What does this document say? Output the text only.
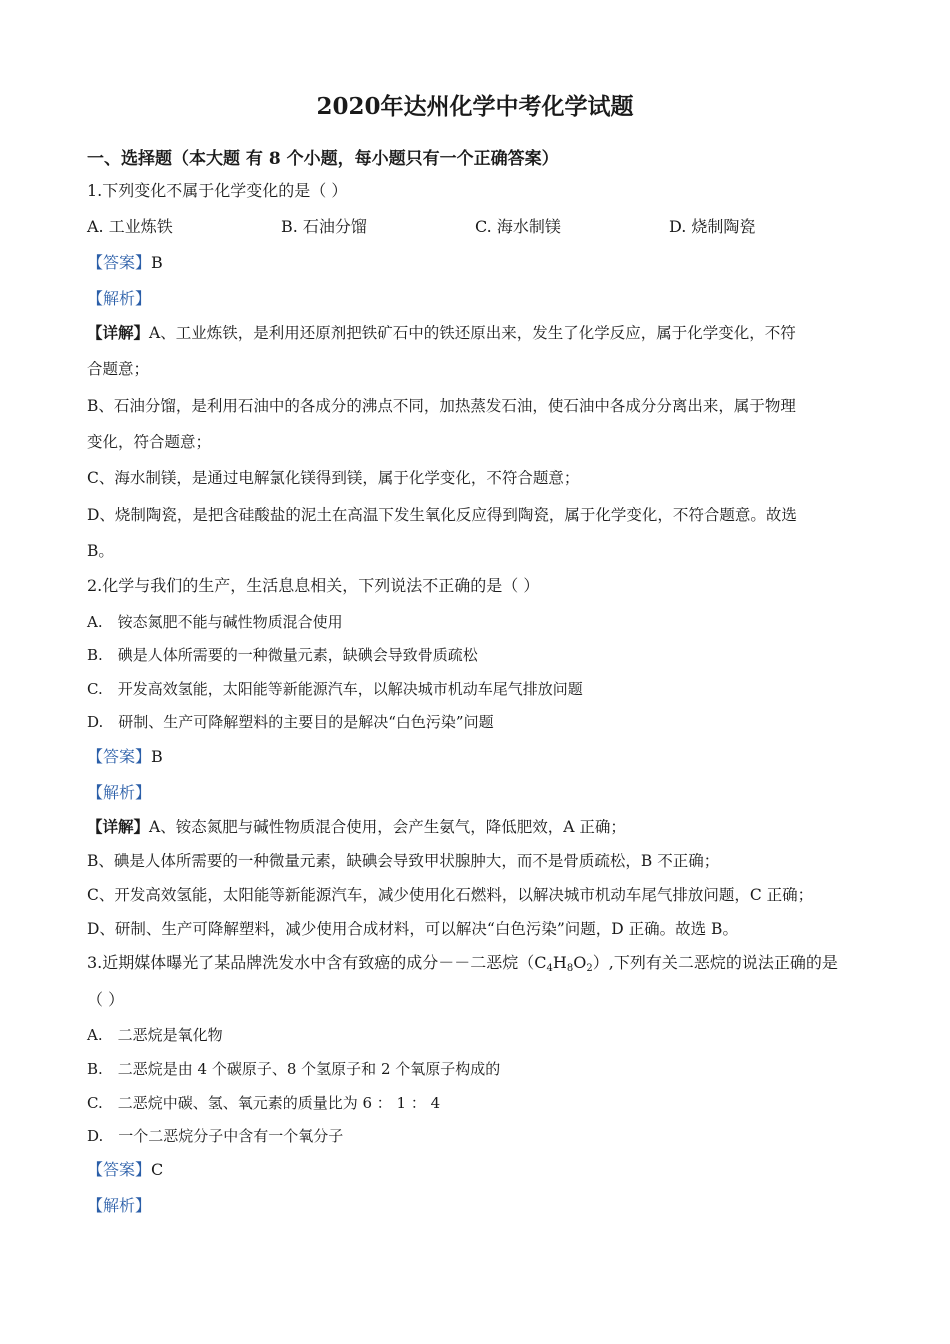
2020年达州化学中考化学试题
一、选择题（本大题 有 8 个小题，每小题只有一个正确答案）
1.下列变化不属于化学变化的是（ ）
A. 工业炼铁	B. 石油分馏	C. 海水制镁	D. 烧制陶瓷
【答案】B
【解析】
【详解】A、工业炼铁，是利用还原剂把铁矿石中的铁还原出来，发生了化学反应，属于化学变化，不符
合题意；
B、石油分馏，是利用石油中的各成分的沸点不同，加热蒸发石油，使石油中各成分分离出来，属于物理
变化，符合题意；
C、海水制镁，是通过电解氯化镁得到镁，属于化学变化，不符合题意；
D、烧制陶瓷，是把含硅酸盐的泥土在高温下发生氧化反应得到陶瓷，属于化学变化，不符合题意。故选
B。
2.化学与我们的生产，生活息息相关，下列说法不正确的是（ ）
A.　铵态氮肥不能与碱性物质混合使用
B.　碘是人体所需要的一种微量元素，缺碘会导致骨质疏松
C.　开发高效氢能，太阳能等新能源汽车，以解决城市机动车尾气排放问题
D.　研制、生产可降解塑料的主要目的是解决“白色污染”问题
【答案】B
【解析】
【详解】A、铵态氮肥与碱性物质混合使用，会产生氨气，降低肥效，A 正确；
B、碘是人体所需要的一种微量元素，缺碘会导致甲状腺肿大，而不是骨质疏松，B 不正确；
C、开发高效氢能，太阳能等新能源汽车，减少使用化石燃料，以解决城市机动车尾气排放问题，C 正确；
D、研制、生产可降解塑料，减少使用合成材料，可以解决“白色污染”问题，D 正确。故选 B。
3.近期媒体曝光了某品牌洗发水中含有致癌的成分－－二恶烷$(C_4H_8O_2)$,下列有关二恶烷的说法正确的是
（ ）
A.　二恶烷是氧化物
B.　二恶烷是由 4 个碳原子、8 个氢原子和 2 个氧原子构成的
C.　二恶烷中碳、氢、氧元素的质量比为 6 ： 1 ： 4
D.　一个二恶烷分子中含有一个氧分子
【答案】C
【解析】
